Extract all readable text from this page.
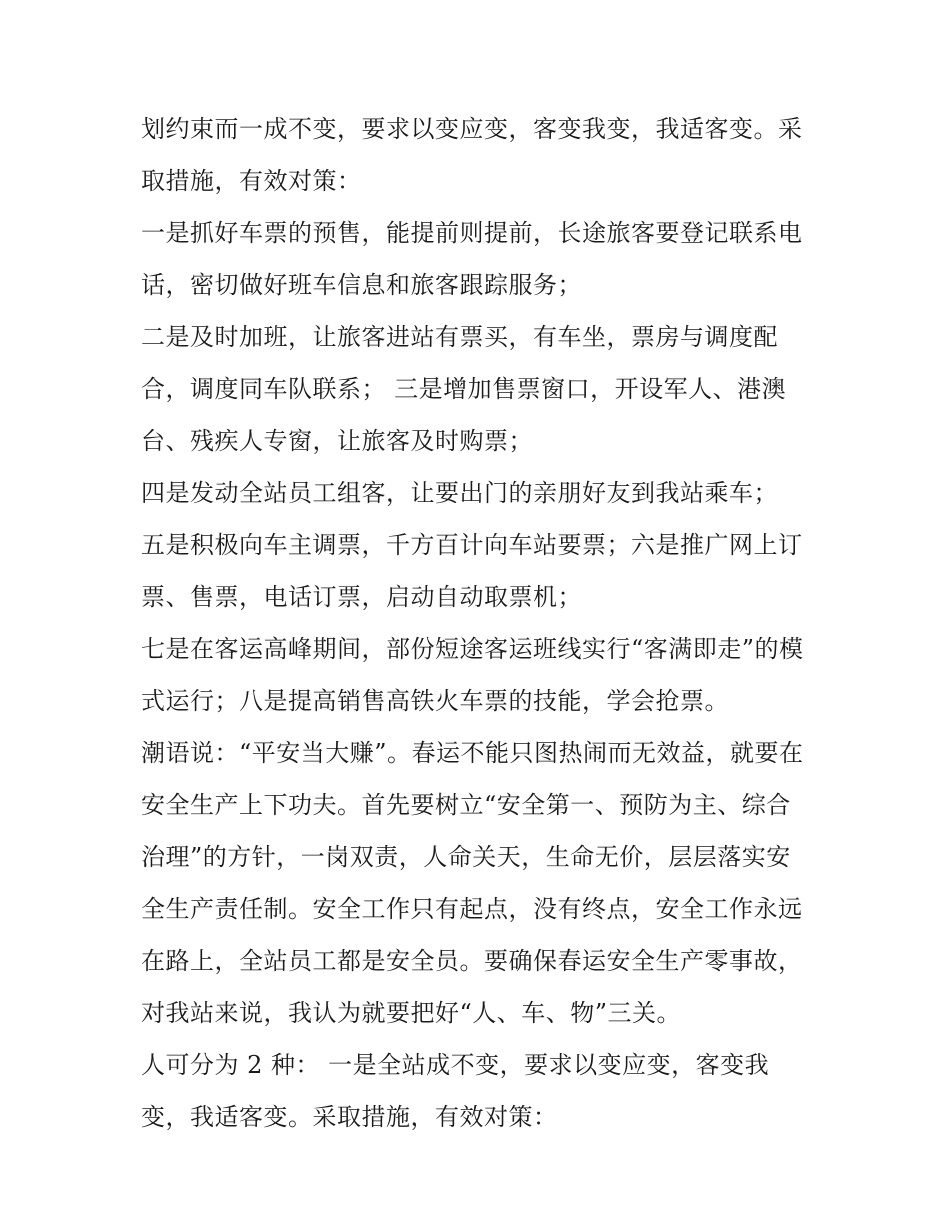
划约束而一成不变，要求以变应变，客变我变，我适客变。采
取措施，有效对策：
一是抓好车票的预售，能提前则提前，长途旅客要登记联系电
话，密切做好班车信息和旅客跟踪服务；
二是及时加班，让旅客进站有票买，有车坐，票房与调度配
合，调度同车队联系； 三是增加售票窗口，开设军人、港澳
台、残疾人专窗，让旅客及时购票；
四是发动全站员工组客，让要出门的亲朋好友到我站乘车；
五是积极向车主调票，千方百计向车站要票；六是推广网上订
票、售票，电话订票，启动自动取票机；
七是在客运高峰期间，部份短途客运班线实行“客满即走”的模
式运行；八是提高销售高铁火车票的技能，学会抢票。
潮语说：“平安当大赚”。春运不能只图热闹而无效益，就要在
安全生产上下功夫。首先要树立“安全第一、预防为主、综合
治理”的方针，一岗双责，人命关天，生命无价，层层落实安
全生产责任制。安全工作只有起点，没有终点，安全工作永远
在路上，全站员工都是安全员。要确保春运安全生产零事故，
对我站来说，我认为就要把好“人、车、物”三关。
人可分为 2 种： 一是全站成不变，要求以变应变，客变我
变，我适客变。采取措施，有效对策：
